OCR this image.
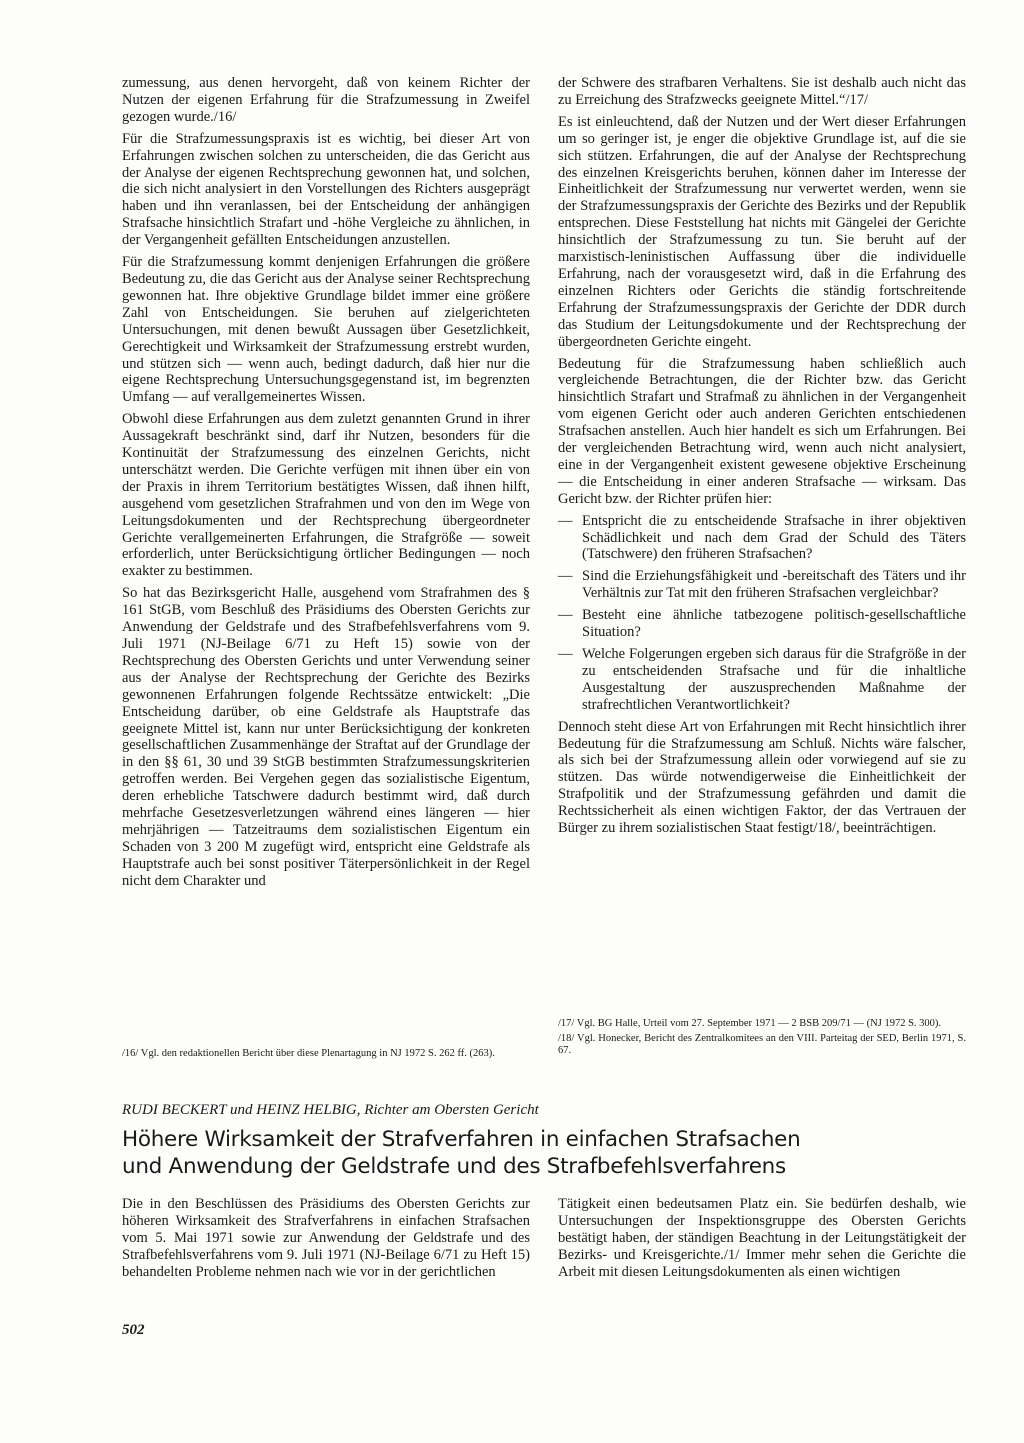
zumessung, aus denen hervorgeht, daß von keinem Richter der Nutzen der eigenen Erfahrung für die Strafzumessung in Zweifel gezogen wurde./16/

Für die Strafzumessungspraxis ist es wichtig, bei dieser Art von Erfahrungen zwischen solchen zu unterscheiden, die das Gericht aus der Analyse der eigenen Rechtsprechung gewonnen hat, und solchen, die sich nicht analysiert in den Vorstellungen des Richters ausgeprägt haben und ihn veranlassen, bei der Entscheidung der anhängigen Strafsache hinsichtlich Strafart und -höhe Vergleiche zu ähnlichen, in der Vergangenheit gefällten Entscheidungen anzustellen.

Für die Strafzumessung kommt denjenigen Erfahrungen die größere Bedeutung zu, die das Gericht aus der Analyse seiner Rechtsprechung gewonnen hat. Ihre objektive Grundlage bildet immer eine größere Zahl von Entscheidungen. Sie beruhen auf zielgerichteten Untersuchungen, mit denen bewußt Aussagen über Gesetzlichkeit, Gerechtigkeit und Wirksamkeit der Strafzumessung erstrebt wurden, und stützen sich — wenn auch, bedingt dadurch, daß hier nur die eigene Rechtsprechung Untersuchungsgegenstand ist, im begrenzten Umfang — auf verallgemeinertes Wissen.

Obwohl diese Erfahrungen aus dem zuletzt genannten Grund in ihrer Aussagekraft beschränkt sind, darf ihr Nutzen, besonders für die Kontinuität der Strafzumessung des einzelnen Gerichts, nicht unterschätzt werden. Die Gerichte verfügen mit ihnen über ein von der Praxis in ihrem Territorium bestätigtes Wissen, daß ihnen hilft, ausgehend vom gesetzlichen Strafrahmen und von den im Wege von Leitungsdokumenten und der Rechtsprechung übergeordneter Gerichte verallgemeinerten Erfahrungen, die Strafgröße — soweit erforderlich, unter Berücksichtigung örtlicher Bedingungen — noch exakter zu bestimmen.

So hat das Bezirksgericht Halle, ausgehend vom Strafrahmen des § 161 StGB, vom Beschluß des Präsidiums des Obersten Gerichts zur Anwendung der Geldstrafe und des Strafbefehlsverfahrens vom 9. Juli 1971 (NJ-Beilage 6/71 zu Heft 15) sowie von der Rechtsprechung des Obersten Gerichts und unter Verwendung seiner aus der Analyse der Rechtsprechung der Gerichte des Bezirks gewonnenen Erfahrungen folgende Rechtssätze entwickelt: „Die Entscheidung darüber, ob eine Geldstrafe als Hauptstrafe das geeignete Mittel ist, kann nur unter Berücksichtigung der konkreten gesellschaftlichen Zusammenhänge der Straftat auf der Grundlage der in den §§ 61, 30 und 39 StGB bestimmten Strafzumessungskriterien getroffen werden. Bei Vergehen gegen das sozialistische Eigentum, deren erhebliche Tatschwere dadurch bestimmt wird, daß durch mehrfache Gesetzesverletzungen während eines längeren — hier mehrjährigen — Tatzeitraums dem sozialistischen Eigentum ein Schaden von 3 200 M zugefügt wird, entspricht eine Geldstrafe als Hauptstrafe auch bei sonst positiver Täterpersönlichkeit in der Regel nicht dem Charakter und

/16/ Vgl. den redaktionellen Bericht über diese Plenartagung in NJ 1972 S. 262 ff. (263).

der Schwere des strafbaren Verhaltens. Sie ist deshalb auch nicht das zu Erreichung des Strafzwecks geeignete Mittel.“/17/

Es ist einleuchtend, daß der Nutzen und der Wert dieser Erfahrungen um so geringer ist, je enger die objektive Grundlage ist, auf die sie sich stützen. Erfahrungen, die auf der Analyse der Rechtsprechung des einzelnen Kreisgerichts beruhen, können daher im Interesse der Einheitlichkeit der Strafzumessung nur verwertet werden, wenn sie der Strafzumessungspraxis der Gerichte des Bezirks und der Republik entsprechen. Diese Feststellung hat nichts mit Gängelei der Gerichte hinsichtlich der Strafzumessung zu tun. Sie beruht auf der marxistisch-leninistischen Auffassung über die individuelle Erfahrung, nach der vorausgesetzt wird, daß in die Erfahrung des einzelnen Richters oder Gerichts die ständig fortschreitende Erfahrung der Strafzumessungspraxis der Gerichte der DDR durch das Studium der Leitungsdokumente und der Rechtsprechung der übergeordneten Gerichte eingeht.

Bedeutung für die Strafzumessung haben schließlich auch vergleichende Betrachtungen, die der Richter bzw. das Gericht hinsichtlich Strafart und Strafmaß zu ähnlichen in der Vergangenheit vom eigenen Gericht oder auch anderen Gerichten entschiedenen Strafsachen anstellen. Auch hier handelt es sich um Erfahrungen. Bei der vergleichenden Betrachtung wird, wenn auch nicht analysiert, eine in der Vergangenheit existent gewesene objektive Erscheinung — die Entscheidung in einer anderen Strafsache — wirksam. Das Gericht bzw. der Richter prüfen hier:

— Entspricht die zu entscheidende Strafsache in ihrer objektiven Schädlichkeit und nach dem Grad der Schuld des Täters (Tatschwere) den früheren Strafsachen?
— Sind die Erziehungsfähigkeit und -bereitschaft des Täters und ihr Verhältnis zur Tat mit den früheren Strafsachen vergleichbar?
— Besteht eine ähnliche tatbezogene politisch-gesellschaftliche Situation?
— Welche Folgerungen ergeben sich daraus für die Strafgröße in der zu entscheidenden Strafsache und für die inhaltliche Ausgestaltung der auszusprechenden Maßnahme der strafrechtlichen Verantwortlichkeit?

Dennoch steht diese Art von Erfahrungen mit Recht hinsichtlich ihrer Bedeutung für die Strafzumessung am Schluß. Nichts wäre falscher, als sich bei der Strafzumessung allein oder vorwiegend auf sie zu stützen. Das würde notwendigerweise die Einheitlichkeit der Strafpolitik und der Strafzumessung gefährden und damit die Rechtssicherheit als einen wichtigen Faktor, der das Vertrauen der Bürger zu ihrem sozialistischen Staat festigt/18/, beeinträchtigen.

/17/ Vgl. BG Halle, Urteil vom 27. September 1971 — 2 BSB 209/71 — (NJ 1972 S. 300).

/18/ Vgl. Honecker, Bericht des Zentralkomitees an den VIII. Parteitag der SED, Berlin 1971, S. 67.

RUDI BECKERT und HEINZ HELBIG, Richter am Obersten Gericht
Höhere Wirksamkeit der Strafverfahren in einfachen Strafsachen
und Anwendung der Geldstrafe und des Strafbefehlsverfahrens

Die in den Beschlüssen des Präsidiums des Obersten Gerichts zur höheren Wirksamkeit des Strafverfahrens in einfachen Strafsachen vom 5. Mai 1971 sowie zur Anwendung der Geldstrafe und des Strafbefehlsverfahrens vom 9. Juli 1971 (NJ-Beilage 6/71 zu Heft 15) behandelten Probleme nehmen nach wie vor in der gerichtlichen

Tätigkeit einen bedeutsamen Platz ein. Sie bedürfen deshalb, wie Untersuchungen der Inspektionsgruppe des Obersten Gerichts bestätigt haben, der ständigen Beachtung in der Leitungstätigkeit der Bezirks- und Kreisgerichte./1/ Immer mehr sehen die Gerichte die Arbeit mit diesen Leitungsdokumenten als einen wichtigen

502
